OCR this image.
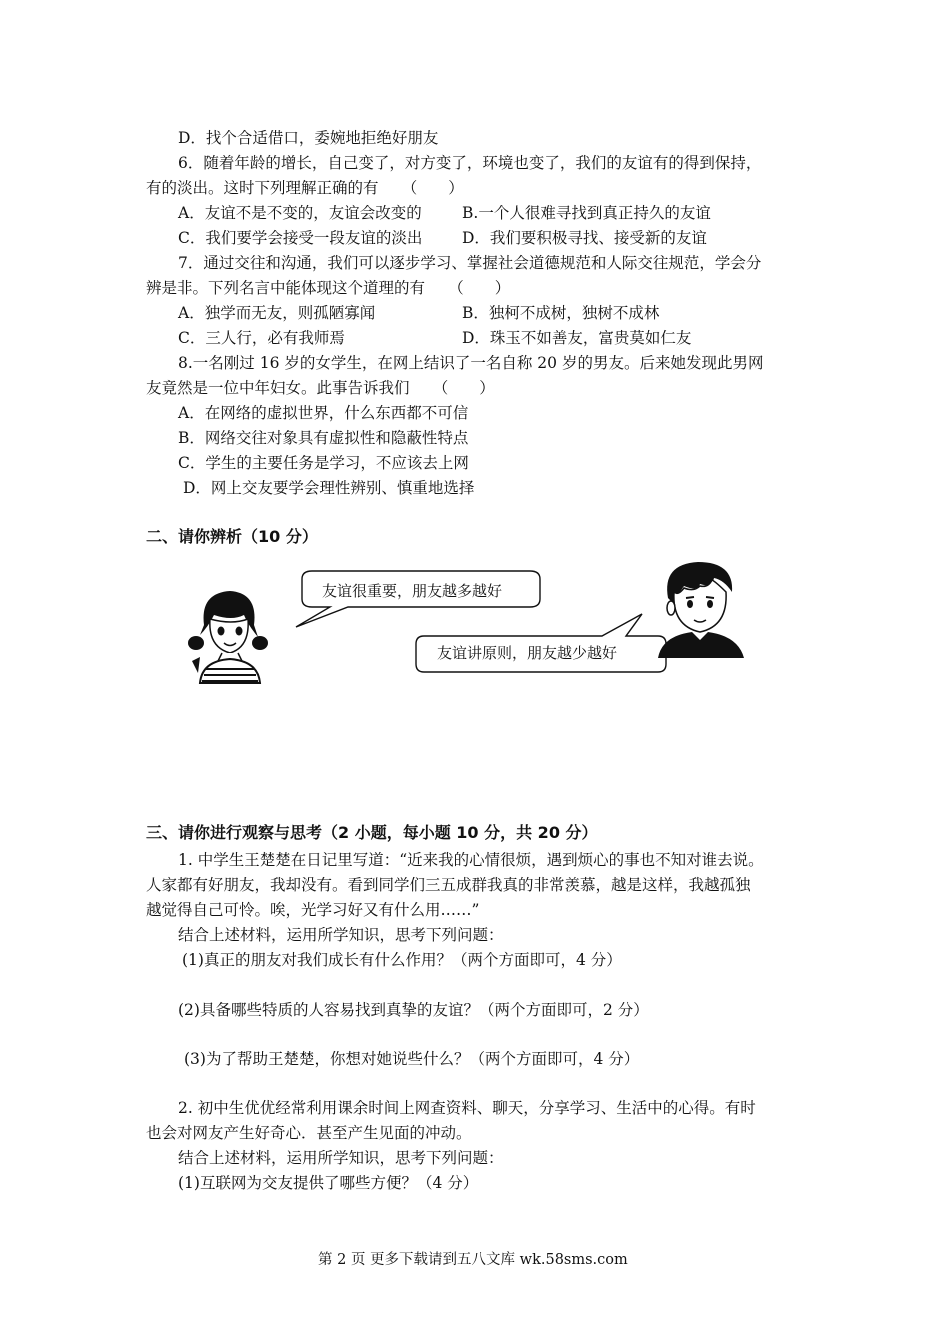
D．找个合适借口，委婉地拒绝好朋友
6．随着年龄的增长，自己变了，对方变了，环境也变了，我们的友谊有的得到保持，
有的淡出。这时下列理解正确的有　　（　　）
A．友谊不是不变的，友谊会改变的	B.一个人很难寻找到真正持久的友谊
C．我们要学会接受一段友谊的淡出	D．我们要积极寻找、接受新的友谊
7．通过交往和沟通，我们可以逐步学习、掌握社会道德规范和人际交往规范，学会分
辨是非。下列名言中能体现这个道理的有　　（　　）
A．独学而无友，则孤陋寡闻	B．独柯不成树，独树不成林
C．三人行，必有我师焉	D．珠玉不如善友，富贵莫如仁友
8.一名刚过 16 岁的女学生，在网上结识了一名自称 20 岁的男友。后来她发现此男网
友竟然是一位中年妇女。此事告诉我们　　（　　）
A．在网络的虚拟世界，什么东西都不可信
B．网络交往对象具有虚拟性和隐蔽性特点
C．学生的主要任务是学习，不应该去上网
D．网上交友要学会理性辨别、慎重地选择
二、请你辨析（10 分）
友谊很重要，朋友越多越好
友谊讲原则，朋友越少越好
三、请你进行观察与思考（2 小题，每小题 10 分，共 20 分）
1. 中学生王楚楚在日记里写道：“近来我的心情很烦，遇到烦心的事也不知对谁去说。
人家都有好朋友，我却没有。看到同学们三五成群我真的非常羡慕，越是这样，我越孤独
越觉得自己可怜。唉，光学习好又有什么用……”
结合上述材料，运用所学知识，思考下列问题：
(1)真正的朋友对我们成长有什么作用？（两个方面即可，4 分）
(2)具备哪些特质的人容易找到真挚的友谊？（两个方面即可，2 分）
(3)为了帮助王楚楚，你想对她说些什么？（两个方面即可，4 分）
2. 初中生优优经常利用课余时间上网查资料、聊天，分享学习、生活中的心得。有时
也会对网友产生好奇心．甚至产生见面的冲动。
结合上述材料，运用所学知识，思考下列问题：
(1)互联网为交友提供了哪些方便？（4 分）
第 2 页 更多下载请到五八文库 wk.58sms.com
